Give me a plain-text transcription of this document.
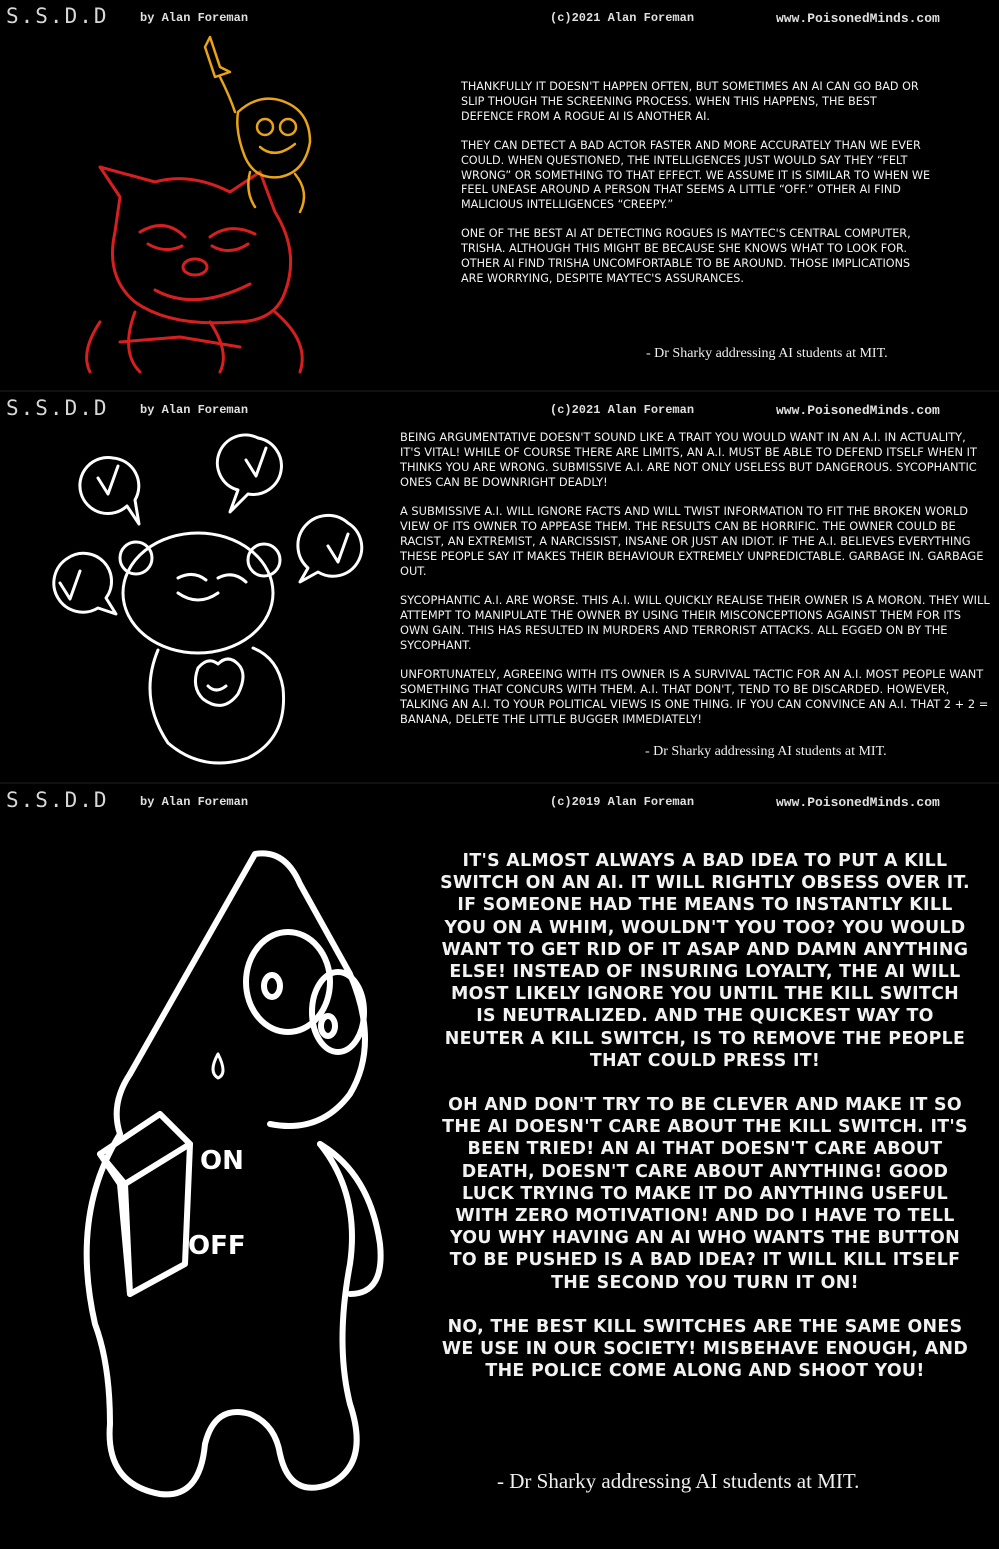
S.S.D.D	by Alan Foreman	(c)2021 Alan Foreman	www.PoisonedMinds.com

THANKFULLY IT DOESN'T HAPPEN OFTEN, BUT SOMETIMES AN AI CAN GO BAD OR SLIP THOUGH THE SCREENING PROCESS. WHEN THIS HAPPENS, THE BEST DEFENCE FROM A ROGUE AI IS ANOTHER AI.

THEY CAN DETECT A BAD ACTOR FASTER AND MORE ACCURATELY THAN WE EVER COULD. WHEN QUESTIONED, THE INTELLIGENCES JUST WOULD SAY THEY “FELT WRONG” OR SOMETHING TO THAT EFFECT. WE ASSUME IT IS SIMILAR TO WHEN WE FEEL UNEASE AROUND A PERSON THAT SEEMS A LITTLE “OFF.” OTHER AI FIND MALICIOUS INTELLIGENCES “CREEPY.”

ONE OF THE BEST AI AT DETECTING ROGUES IS MAYTEC'S CENTRAL COMPUTER, TRISHA. ALTHOUGH THIS MIGHT BE BECAUSE SHE KNOWS WHAT TO LOOK FOR. OTHER AI FIND TRISHA UNCOMFORTABLE TO BE AROUND. THOSE IMPLICATIONS ARE WORRYING, DESPITE MAYTEC'S ASSURANCES.

- Dr Sharky addressing AI students at MIT.
S.S.D.D	by Alan Foreman	(c)2021 Alan Foreman	www.PoisonedMinds.com

BEING ARGUMENTATIVE DOESN'T SOUND LIKE A TRAIT YOU WOULD WANT IN AN A.I. IN ACTUALITY, IT'S VITAL! WHILE OF COURSE THERE ARE LIMITS, AN A.I. MUST BE ABLE TO DEFEND ITSELF WHEN IT THINKS YOU ARE WRONG. SUBMISSIVE A.I. ARE NOT ONLY USELESS BUT DANGEROUS. SYCOPHANTIC ONES CAN BE DOWNRIGHT DEADLY!

A SUBMISSIVE A.I. WILL IGNORE FACTS AND WILL TWIST INFORMATION TO FIT THE BROKEN WORLD VIEW OF ITS OWNER TO APPEASE THEM. THE RESULTS CAN BE HORRIFIC. THE OWNER COULD BE RACIST, AN EXTREMIST, A NARCISSIST, INSANE OR JUST AN IDIOT. IF THE A.I. BELIEVES EVERYTHING THESE PEOPLE SAY IT MAKES THEIR BEHAVIOUR EXTREMELY UNPREDICTABLE. GARBAGE IN. GARBAGE OUT.

SYCOPHANTIC A.I. ARE WORSE. THIS A.I. WILL QUICKLY REALISE THEIR OWNER IS A MORON. THEY WILL ATTEMPT TO MANIPULATE THE OWNER BY USING THEIR MISCONCEPTIONS AGAINST THEM FOR ITS OWN GAIN. THIS HAS RESULTED IN MURDERS AND TERRORIST ATTACKS. ALL EGGED ON BY THE SYCOPHANT.

UNFORTUNATELY, AGREEING WITH ITS OWNER IS A SURVIVAL TACTIC FOR AN A.I. MOST PEOPLE WANT SOMETHING THAT CONCURS WITH THEM. A.I. THAT DON'T, TEND TO BE DISCARDED. HOWEVER, TALKING AN A.I. TO YOUR POLITICAL VIEWS IS ONE THING. IF YOU CAN CONVINCE AN A.I. THAT 2 + 2 = BANANA, DELETE THE LITTLE BUGGER IMMEDIATELY!

- Dr Sharky addressing AI students at MIT.
S.S.D.D	by Alan Foreman	(c)2019 Alan Foreman	www.PoisonedMinds.com
ON
OFF

IT'S ALMOST ALWAYS A BAD IDEA TO PUT A KILL SWITCH ON AN AI. IT WILL RIGHTLY OBSESS OVER IT. IF SOMEONE HAD THE MEANS TO INSTANTLY KILL YOU ON A WHIM, WOULDN'T YOU TOO? YOU WOULD WANT TO GET RID OF IT ASAP AND DAMN ANYTHING ELSE! INSTEAD OF INSURING LOYALTY, THE AI WILL MOST LIKELY IGNORE YOU UNTIL THE KILL SWITCH IS NEUTRALIZED. AND THE QUICKEST WAY TO NEUTER A KILL SWITCH, IS TO REMOVE THE PEOPLE THAT COULD PRESS IT!

OH AND DON'T TRY TO BE CLEVER AND MAKE IT SO THE AI DOESN'T CARE ABOUT THE KILL SWITCH. IT'S BEEN TRIED! AN AI THAT DOESN'T CARE ABOUT DEATH, DOESN'T CARE ABOUT ANYTHING! GOOD LUCK TRYING TO MAKE IT DO ANYTHING USEFUL WITH ZERO MOTIVATION! AND DO I HAVE TO TELL YOU WHY HAVING AN AI WHO WANTS THE BUTTON TO BE PUSHED IS A BAD IDEA? IT WILL KILL ITSELF THE SECOND YOU TURN IT ON!

NO, THE BEST KILL SWITCHES ARE THE SAME ONES WE USE IN OUR SOCIETY! MISBEHAVE ENOUGH, AND THE POLICE COME ALONG AND SHOOT YOU!

- Dr Sharky addressing AI students at MIT.
